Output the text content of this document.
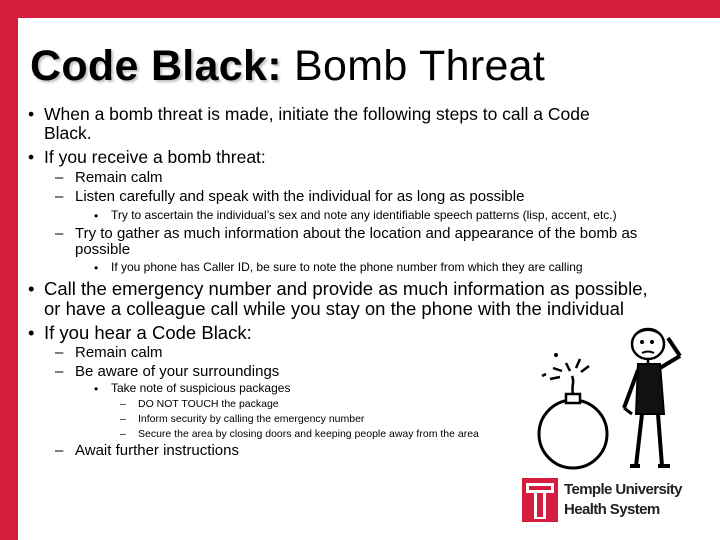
Code Black: Bomb Threat
• When a bomb threat is made, initiate the following steps to call a Code
Black.
• If you receive a bomb threat:
– Remain calm
– Listen carefully and speak with the individual for as long as possible
• Try to ascertain the individual’s sex and note any identifiable speech patterns (lisp, accent, etc.)
– Try to gather as much information about the location and appearance of the bomb as
possible
• If you phone has Caller ID, be sure to note the phone number from which they are calling
• Call the emergency number and provide as much information as possible,
or have a colleague call while you stay on the phone with the individual
• If you hear a Code Black:
– Remain calm
– Be aware of your surroundings
• Take note of suspicious packages
– DO NOT TOUCH the package
– Inform security by calling the emergency number
– Secure the area by closing doors and keeping people away from the area
– Await further instructions
Temple University
Health System
